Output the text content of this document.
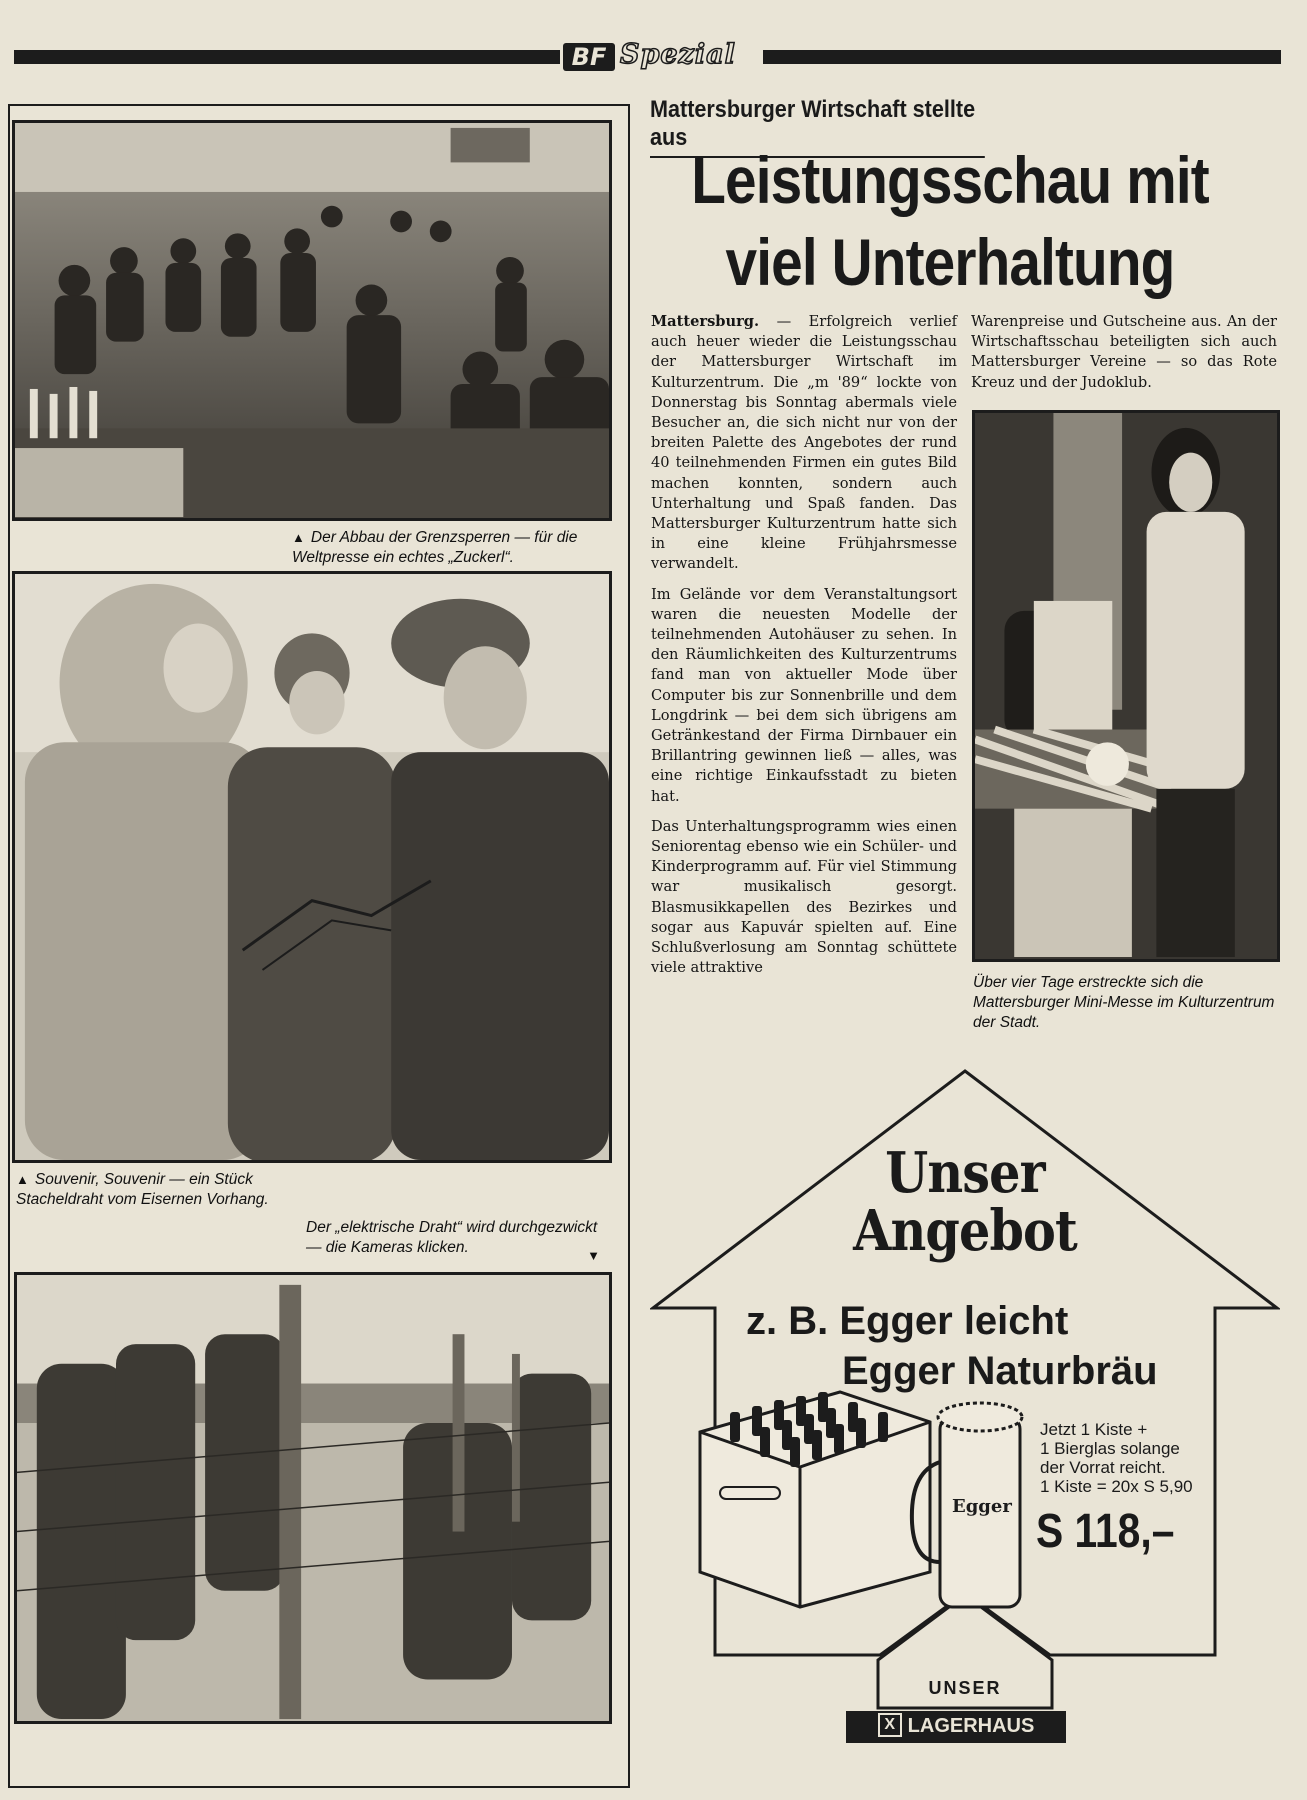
BF Spezial
▲ Der Abbau der Grenzsperren — für die Weltpresse ein echtes „Zuckerl“.
▲ Souvenir, Souvenir — ein Stück Stacheldraht vom Eisernen Vorhang.
Der „elektrische Draht“ wird durchgezwickt — die Kameras klicken.	▼
Mattersburger Wirtschaft stellte aus
Leistungsschau mit
viel Unterhaltung

Mattersburg. — Erfolgreich verlief auch heuer wieder die Leistungsschau der Mattersburger Wirtschaft im Kulturzentrum. Die „m '89“ lockte von Donnerstag bis Sonntag abermals viele Besucher an, die sich nicht nur von der breiten Palette des Angebotes der rund 40 teilnehmenden Firmen ein gutes Bild machen konnten, sondern auch Unterhaltung und Spaß fanden. Das Mattersburger Kulturzentrum hatte sich in eine kleine Frühjahrsmesse verwandelt.

Im Gelände vor dem Veranstaltungsort waren die neuesten Modelle der teilnehmenden Autohäuser zu sehen. In den Räumlichkeiten des Kulturzentrums fand man von aktueller Mode über Computer bis zur Sonnenbrille und dem Longdrink — bei dem sich übrigens am Getränkestand der Firma Dirnbauer ein Brillantring gewinnen ließ — alles, was eine richtige Einkaufsstadt zu bieten hat.

Das Unterhaltungsprogramm wies einen Seniorentag ebenso wie ein Schüler- und Kinderprogramm auf. Für viel Stimmung war musikalisch gesorgt. Blasmusikkapellen des Bezirkes und sogar aus Kapuvár spielten auf. Eine Schlußverlosung am Sonntag schüttete viele attraktive

Warenpreise und Gutscheine aus. An der Wirtschaftsschau beteiligten sich auch Mattersburger Vereine — so das Rote Kreuz und der Judoklub.

Über vier Tage erstreckte sich die Mattersburger Mini-Messe im Kulturzentrum der Stadt.
Unser
Angebot
z. B. Egger leicht
Egger Naturbräu
Egger
Jetzt 1 Kiste +
1 Bierglas solange
der Vorrat reicht.
1 Kiste = 20x S 5,90
S 118,–
UNSER
X LAGERHAUS
